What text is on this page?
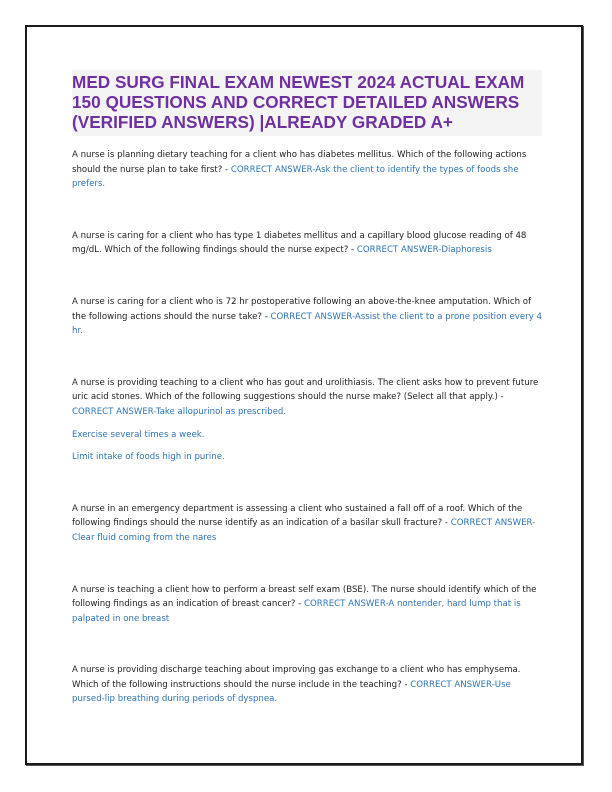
MED SURG FINAL EXAM NEWEST 2024 ACTUAL EXAM 150 QUESTIONS AND CORRECT DETAILED ANSWERS (VERIFIED ANSWERS) |ALREADY GRADED A+

A nurse is planning dietary teaching for a client who has diabetes mellitus. Which of the following actions should the nurse plan to take first? - CORRECT ANSWER-Ask the client to identify the types of foods she prefers.

A nurse is caring for a client who has type 1 diabetes mellitus and a capillary blood glucose reading of 48 mg/dL. Which of the following findings should the nurse expect? - CORRECT ANSWER-Diaphoresis

A nurse is caring for a client who is 72 hr postoperative following an above-the-knee amputation. Which of the following actions should the nurse take? - CORRECT ANSWER-Assist the client to a prone position every 4 hr.

A nurse is providing teaching to a client who has gout and urolithiasis. The client asks how to prevent future uric acid stones. Which of the following suggestions should the nurse make? (Select all that apply.) - CORRECT ANSWER-Take allopurinol as prescribed.

Exercise several times a week.

Limit intake of foods high in purine.

A nurse in an emergency department is assessing a client who sustained a fall off of a roof. Which of the following findings should the nurse identify as an indication of a basilar skull fracture? - CORRECT ANSWER-Clear fluid coming from the nares

A nurse is teaching a client how to perform a breast self exam (BSE). The nurse should identify which of the following findings as an indication of breast cancer? - CORRECT ANSWER-A nontender, hard lump that is palpated in one breast

A nurse is providing discharge teaching about improving gas exchange to a client who has emphysema. Which of the following instructions should the nurse include in the teaching? - CORRECT ANSWER-Use pursed-lip breathing during periods of dyspnea.
